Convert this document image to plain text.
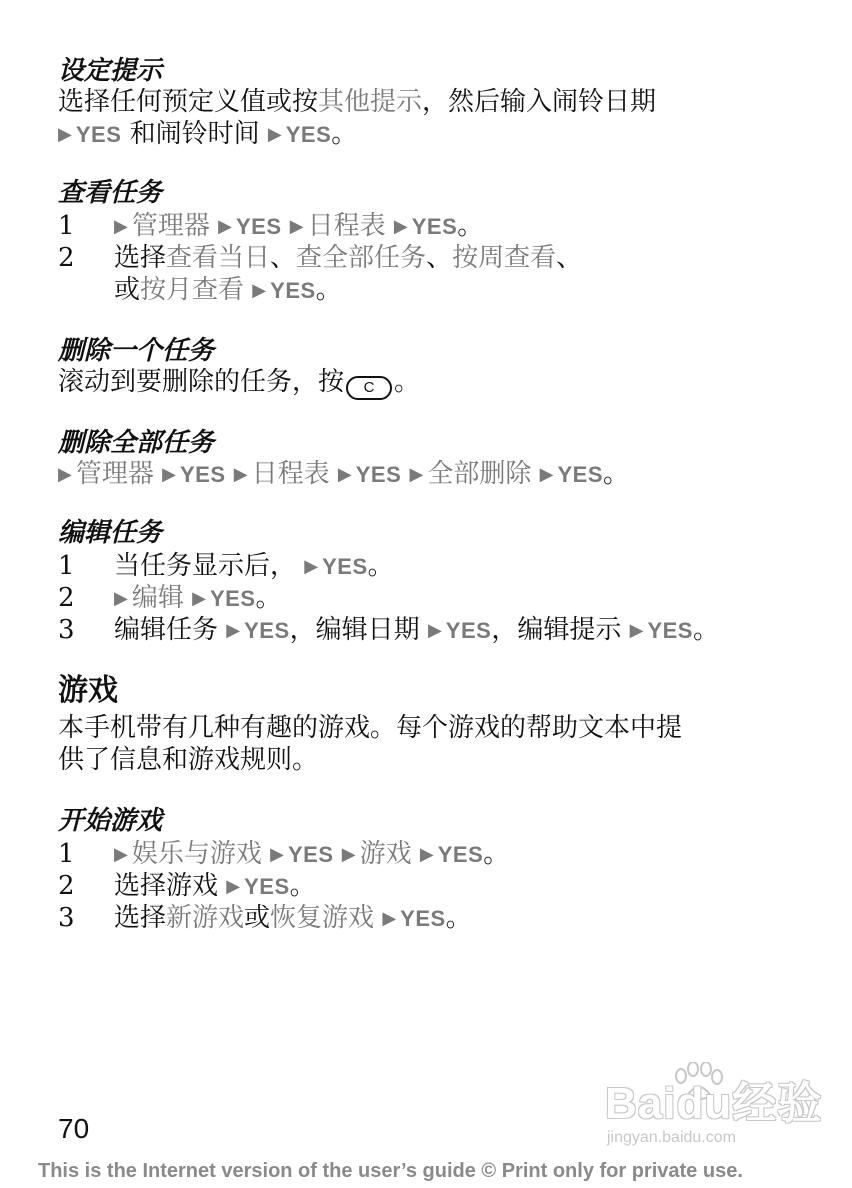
设定提示
选择任何预定义值或按其他提示，然后输入闹铃日期
▶ YES 和闹铃时间 ▶ YES。
查看任务
1 ▶ 管理器 ▶ YES ▶ 日程表 ▶ YES。
2 选择查看当日、查全部任务、按周查看、
或按月查看 ▶ YES。
删除一个任务
滚动到要删除的任务，按 C 。
删除全部任务
▶ 管理器 ▶ YES ▶ 日程表 ▶ YES ▶ 全部删除 ▶ YES。
编辑任务
1 当任务显示后， ▶ YES。
2 ▶ 编辑 ▶ YES。
3 编辑任务 ▶ YES，编辑日期 ▶ YES，编辑提示 ▶ YES。
游戏
本手机带有几种有趣的游戏。每个游戏的帮助文本中提
供了信息和游戏规则。
开始游戏
1 ▶ 娱乐与游戏 ▶ YES ▶ 游戏 ▶ YES。
2 选择游戏 ▶ YES。
3 选择新游戏或恢复游戏 ▶ YES。
Baidu经验
jingyan.baidu.com
70
This is the Internet version of the user’s guide © Print only for private use.
